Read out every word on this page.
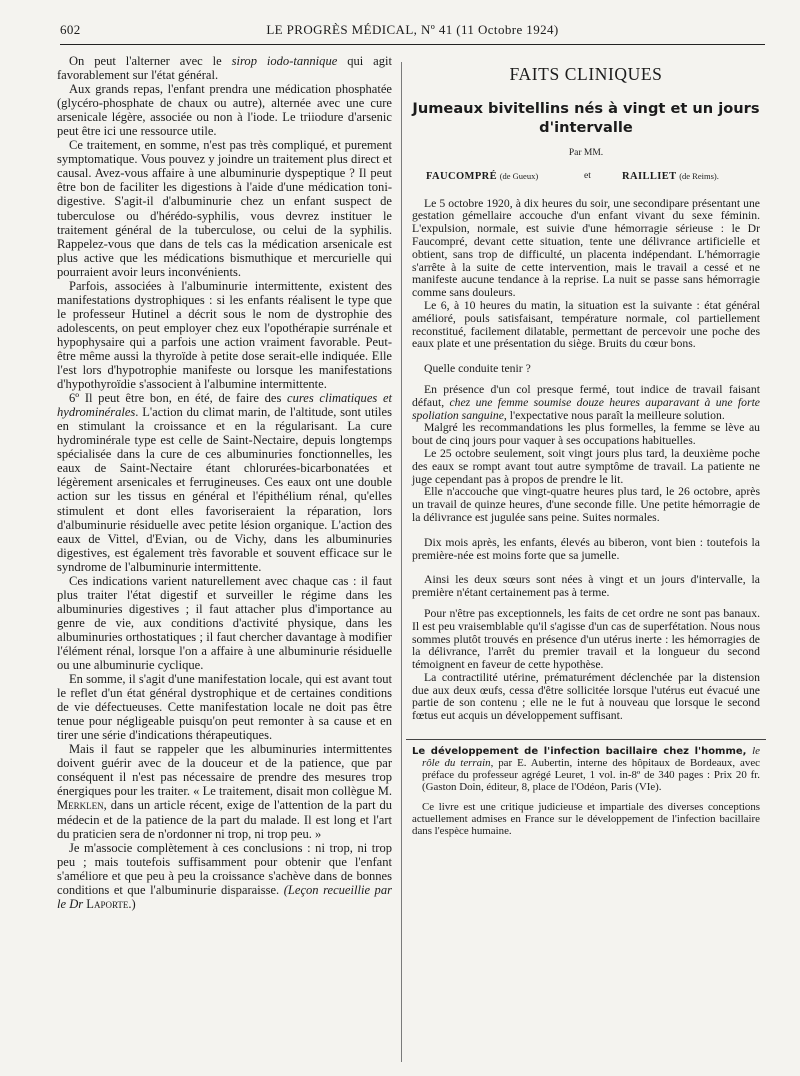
602	LE PROGRÈS MÉDICAL, Nº 41 (11 Octobre 1924)

On peut l'alterner avec le sirop iodo-tannique qui agit favorablement sur l'état général.

Aux grands repas, l'enfant prendra une médication phosphatée (glycéro-phosphate de chaux ou autre), alternée avec une cure arsenicale légère, associée ou non à l'iode. Le triiodure d'arsenic peut être ici une ressource utile.

Ce traitement, en somme, n'est pas très compliqué, et purement symptomatique. Vous pouvez y joindre un traitement plus direct et causal. Avez-vous affaire à une albuminurie dyspeptique ? Il peut être bon de faciliter les digestions à l'aide d'une médication toni-digestive. S'agit-il d'albuminurie chez un enfant suspect de tuberculose ou d'hérédo-syphilis, vous devrez instituer le traitement général de la tuberculose, ou celui de la syphilis. Rappelez-vous que dans de tels cas la médication arsenicale est plus active que les médications bismuthique et mercurielle qui pourraient avoir leurs inconvénients.

Parfois, associées à l'albuminurie intermittente, existent des manifestations dystrophiques : si les enfants réalisent le type que le professeur Hutinel a décrit sous le nom de dystrophie des adolescents, on peut employer chez eux l'opothérapie surrénale et hypophysaire qui a parfois une action vraiment favorable. Peut-être même aussi la thyroïde à petite dose serait-elle indiquée. Elle l'est lors d'hypotrophie manifeste ou lorsque les manifestations d'hypothyroïdie s'associent à l'albumine intermittente.

6º Il peut être bon, en été, de faire des cures climatiques et hydrominérales. L'action du climat marin, de l'altitude, sont utiles en stimulant la croissance et en la régularisant. La cure hydrominérale type est celle de Saint-Nectaire, depuis longtemps spécialisée dans la cure de ces albuminuries fonctionnelles, les eaux de Saint-Nectaire étant chlorurées-bicarbonatées et légèrement arsenicales et ferrugineuses. Ces eaux ont une double action sur les tissus en général et l'épithélium rénal, qu'elles stimulent et dont elles favoriseraient la réparation, lors d'albuminurie résiduelle avec petite lésion organique. L'action des eaux de Vittel, d'Evian, ou de Vichy, dans les albuminuries digestives, est également très favorable et souvent efficace sur le syndrome de l'albuminurie intermittente.

Ces indications varient naturellement avec chaque cas : il faut plus traiter l'état digestif et surveiller le régime dans les albuminuries digestives ; il faut attacher plus d'importance au genre de vie, aux conditions d'activité physique, dans les albuminuries orthostatiques ; il faut chercher davantage à modifier l'élément rénal, lorsque l'on a affaire à une albuminurie résiduelle ou une albuminurie cyclique.

En somme, il s'agit d'une manifestation locale, qui est avant tout le reflet d'un état général dystrophique et de certaines conditions de vie défectueuses. Cette manifestation locale ne doit pas être tenue pour négligeable puisqu'on peut remonter à sa cause et en tirer une série d'indications thérapeutiques.

Mais il faut se rappeler que les albuminuries intermittentes doivent guérir avec de la douceur et de la patience, que par conséquent il n'est pas nécessaire de prendre des mesures trop énergiques pour les traiter. « Le traitement, disait mon collègue M. Merklen, dans un article récent, exige de l'attention de la part du médecin et de la patience de la part du malade. Il est long et l'art du praticien sera de n'ordonner ni trop, ni trop peu. »

Je m'associe complètement à ces conclusions : ni trop, ni trop peu ; mais toutefois suffisamment pour obtenir que l'enfant s'améliore et que peu à peu la croissance s'achève dans de bonnes conditions et que l'albuminurie disparaisse. (Leçon recueillie par le Dr Laporte.)

FAITS CLINIQUES

Jumeaux bivitellins nés à vingt et un jours d'intervalle

Par MM.

FAUCOMPRÉ (de Gueux)	et	RAILLIET (de Reims).

Le 5 octobre 1920, à dix heures du soir, une secondipare présentant une gestation gémellaire accouche d'un enfant vivant du sexe féminin. L'expulsion, normale, est suivie d'une hémorragie sérieuse : le Dr Faucompré, devant cette situation, tente une délivrance artificielle et obtient, sans trop de difficulté, un placenta indépendant. L'hémorragie s'arrête à la suite de cette intervention, mais le travail a cessé et ne manifeste aucune tendance à la reprise. La nuit se passe sans hémorragie comme sans douleurs.

Le 6, à 10 heures du matin, la situation est la suivante : état général amélioré, pouls satisfaisant, température normale, col partiellement reconstitué, facilement dilatable, permettant de percevoir une poche des eaux plate et une présentation du siège. Bruits du cœur bons.

Quelle conduite tenir ?

En présence d'un col presque fermé, tout indice de travail faisant défaut, chez une femme soumise douze heures auparavant à une forte spoliation sanguine, l'expectative nous paraît la meilleure solution.

Malgré les recommandations les plus formelles, la femme se lève au bout de cinq jours pour vaquer à ses occupations habituelles.

Le 25 octobre seulement, soit vingt jours plus tard, la deuxième poche des eaux se rompt avant tout autre symptôme de travail. La patiente ne juge cependant pas à propos de prendre le lit.

Elle n'accouche que vingt-quatre heures plus tard, le 26 octobre, après un travail de quinze heures, d'une seconde fille. Une petite hémorragie de la délivrance est jugulée sans peine. Suites normales.

Dix mois après, les enfants, élevés au biberon, vont bien : toutefois la première-née est moins forte que sa jumelle.

Ainsi les deux sœurs sont nées à vingt et un jours d'intervalle, la première n'étant certainement pas à terme.

Pour n'être pas exceptionnels, les faits de cet ordre ne sont pas banaux. Il est peu vraisemblable qu'il s'agisse d'un cas de superfétation. Nous nous sommes plutôt trouvés en présence d'un utérus inerte : les hémorragies de la délivrance, l'arrêt du premier travail et la longueur du second témoignent en faveur de cette hypothèse.

La contractilité utérine, prématurément déclenchée par la distension due aux deux œufs, cessa d'être sollicitée lorsque l'utérus eut évacué une partie de son contenu ; elle ne le fut à nouveau que lorsque le second fœtus eut acquis un développement suffisant.

Le développement de l'infection bacillaire chez l'homme, le rôle du terrain, par E. Aubertin, interne des hôpitaux de Bordeaux, avec préface du professeur agrégé Leuret, 1 vol. in-8º de 340 pages : Prix 20 fr. (Gaston Doin, éditeur, 8, place de l'Odéon, Paris (VIe).

Ce livre est une critique judicieuse et impartiale des diverses conceptions actuellement admises en France sur le développement de l'infection bacillaire dans l'espèce humaine.
